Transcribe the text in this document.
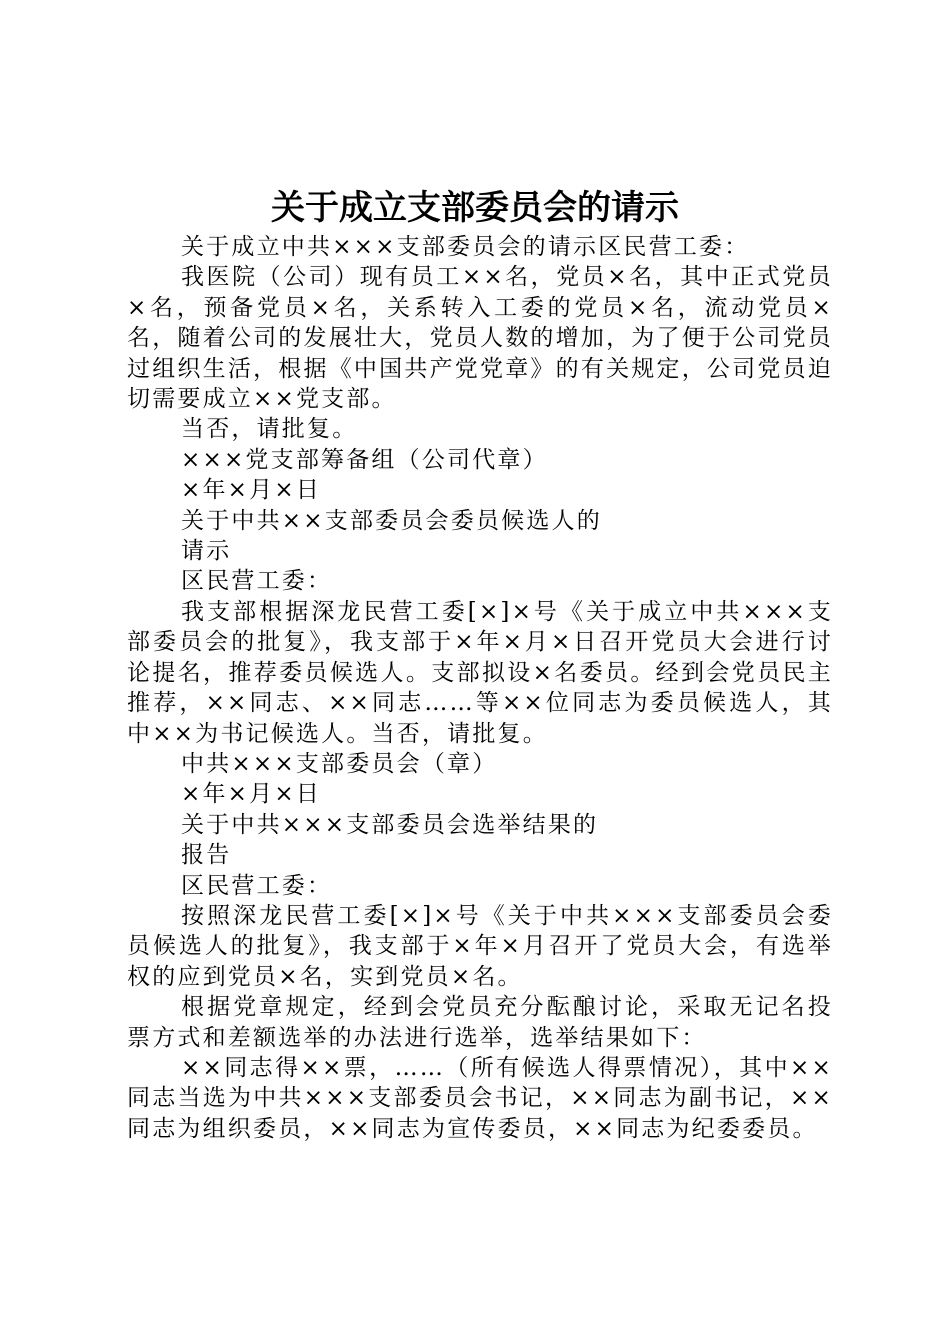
关于成立支部委员会的请示

关于成立中共×××支部委员会的请示区民营工委：

我医院（公司）现有员工××名，党员×名，其中正式党员×名，预备党员×名，关系转入工委的党员×名，流动党员×名，随着公司的发展壮大，党员人数的增加，为了便于公司党员过组织生活，根据《中国共产党党章》的有关规定，公司党员迫切需要成立××党支部。

当否，请批复。

×××党支部筹备组（公司代章）

×年×月×日

关于中共××支部委员会委员候选人的

请示

区民营工委：

我支部根据深龙民营工委[×]×号《关于成立中共×××支部委员会的批复》，我支部于×年×月×日召开党员大会进行讨论提名，推荐委员候选人。支部拟设×名委员。经到会党员民主推荐，××同志、××同志……等××位同志为委员候选人，其中××为书记候选人。当否，请批复。

中共×××支部委员会（章）

×年×月×日

关于中共×××支部委员会选举结果的

报告

区民营工委：

按照深龙民营工委[×]×号《关于中共×××支部委员会委员候选人的批复》，我支部于×年×月召开了党员大会，有选举权的应到党员×名，实到党员×名。

根据党章规定，经到会党员充分酝酿讨论，采取无记名投票方式和差额选举的办法进行选举，选举结果如下：

××同志得××票，……（所有候选人得票情况），其中××同志当选为中共×××支部委员会书记，××同志为副书记，××同志为组织委员，××同志为宣传委员，××同志为纪委委员。
